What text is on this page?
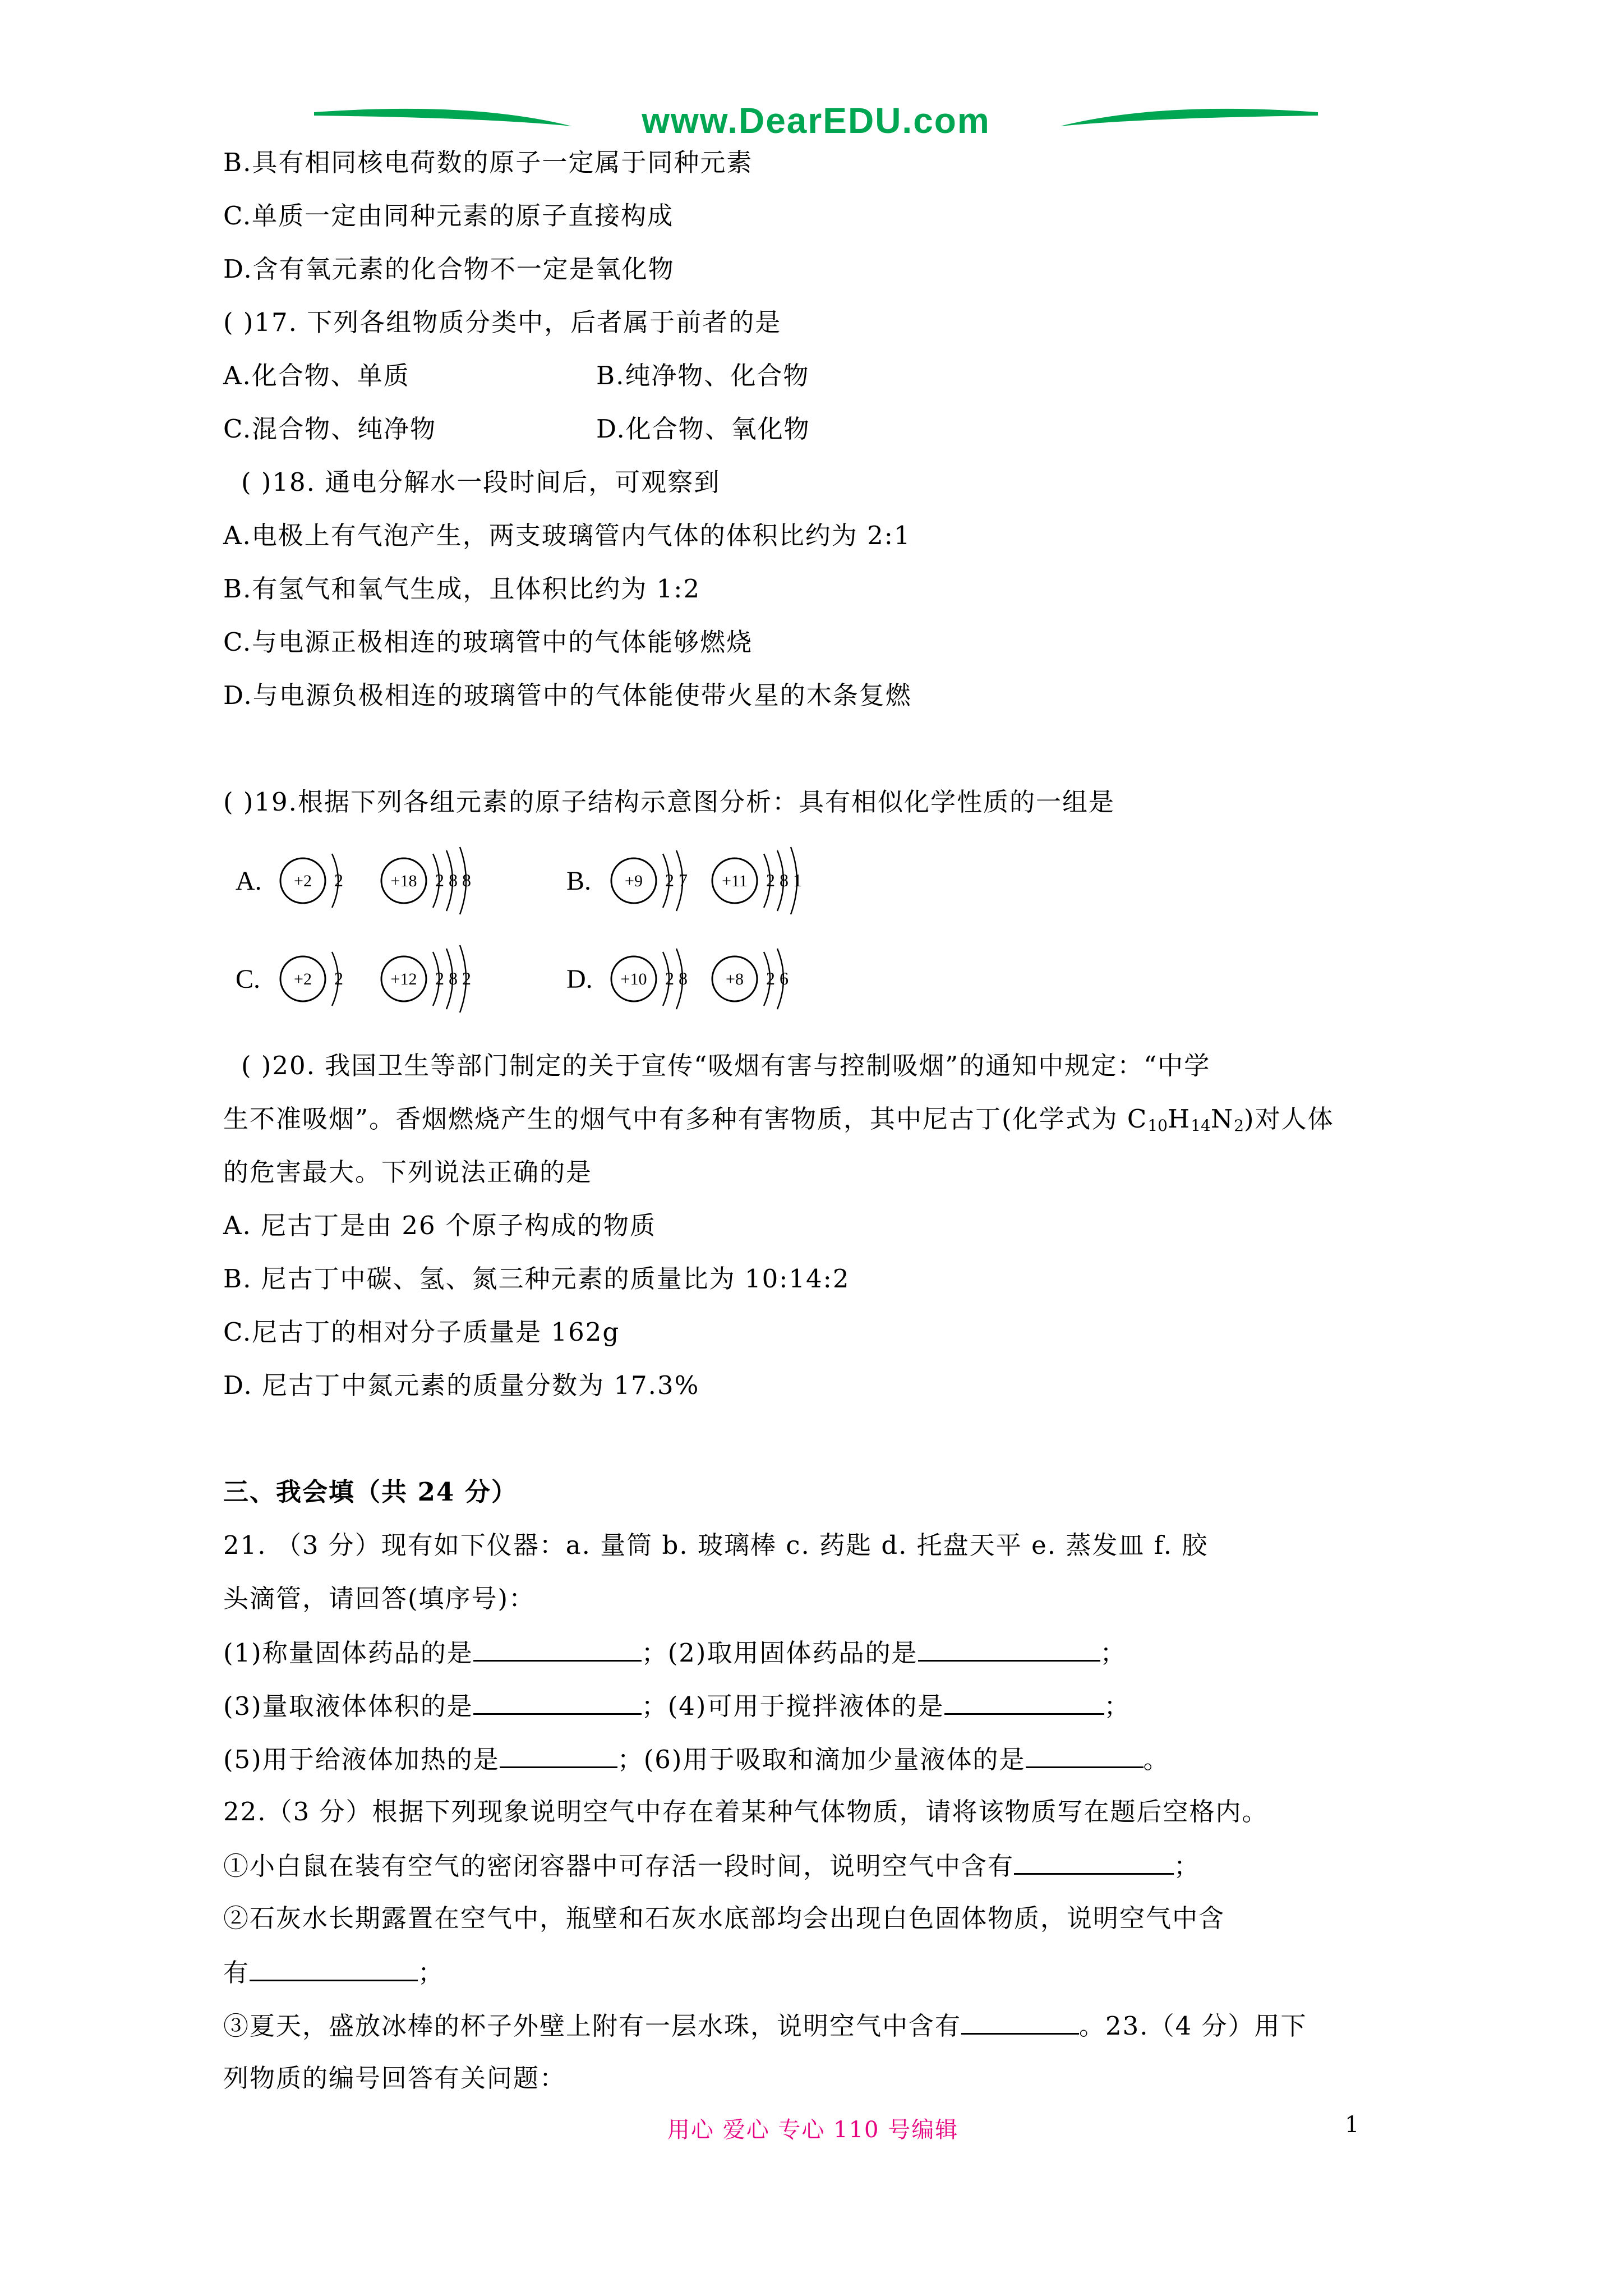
www.DearEDU.com
B.具有相同核电荷数的原子一定属于同种元素
C.单质一定由同种元素的原子直接构成
D.含有氧元素的化合物不一定是氧化物
( )17. 下列各组物质分类中，后者属于前者的是
A.化合物、单质	B.纯净物、化合物
C.混合物、纯净物	D.化合物、氧化物
( )18. 通电分解水一段时间后，可观察到
A.电极上有气泡产生，两支玻璃管内气体的体积比约为 2:1
B.有氢气和氧气生成，且体积比约为 1:2
C.与电源正极相连的玻璃管中的气体能够燃烧
D.与电源负极相连的玻璃管中的气体能使带火星的木条复燃
( )19.根据下列各组元素的原子结构示意图分析：具有相似化学性质的一组是
A. +2 2	+18 2 8 8	B. +9 2 7 +11 2 8 1
C. +2 2	+12 2 8 2	D. +10 2 8 +8 2 6
( )20. 我国卫生等部门制定的关于宣传“吸烟有害与控制吸烟”的通知中规定：“中学
生不准吸烟”。香烟燃烧产生的烟气中有多种有害物质，其中尼古丁(化学式为 $C_{10}H_{14}N_2$)对人体
的危害最大。下列说法正确的是
A. 尼古丁是由 26 个原子构成的物质
B. 尼古丁中碳、氢、氮三种元素的质量比为 10:14:2
C.尼古丁的相对分子质量是 162g
D. 尼古丁中氮元素的质量分数为 17.3%
三、我会填（共 24 分）
21. （3 分）现有如下仪器：a. 量筒 b. 玻璃棒 c. 药匙 d. 托盘天平 e. 蒸发皿 f. 胶
头滴管，请回答(填序号)：
(1)称量固体药品的是	；(2)取用固体药品的是	；
(3)量取液体体积的是	；(4)可用于搅拌液体的是	；
(5)用于给液体加热的是	；(6)用于吸取和滴加少量液体的是	。
22.（3 分）根据下列现象说明空气中存在着某种气体物质，请将该物质写在题后空格内。
①小白鼠在装有空气的密闭容器中可存活一段时间，说明空气中含有	；
②石灰水长期露置在空气中，瓶壁和石灰水底部均会出现白色固体物质，说明空气中含
有	；
③夏天，盛放冰棒的杯子外壁上附有一层水珠，说明空气中含有	。23.（4 分）用下
列物质的编号回答有关问题：
用心 爱心 专心 110 号编辑	1
